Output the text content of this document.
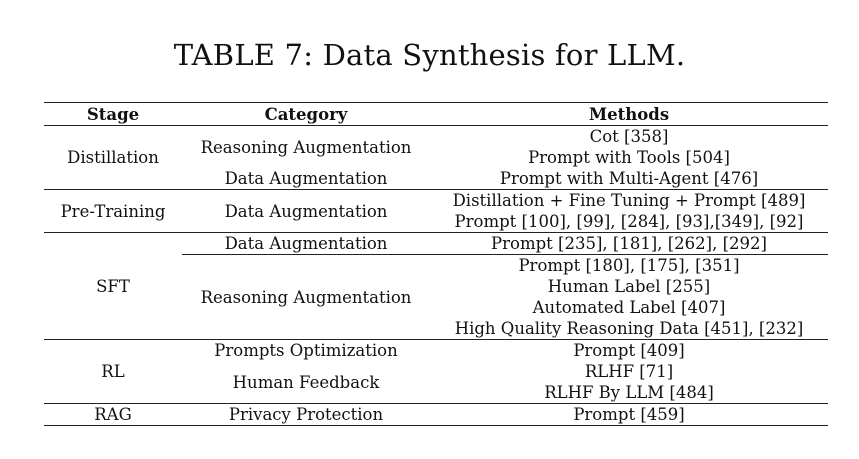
TABLE 7: Data Synthesis for LLM.
Stage	Category	Methods
Distillation	Reasoning Augmentation	Cot [358]
		Prompt with Tools [504]
	Data Augmentation	Prompt with Multi-Agent [476]
Pre-Training	Data Augmentation	Distillation + Fine Tuning + Prompt [489]
		Prompt [100], [99], [284], [93],[349], [92]
SFT	Data Augmentation	Prompt [235], [181], [262], [292]
	Reasoning Augmentation	Prompt [180], [175], [351]
		Human Label [255]
		Automated Label [407]
		High Quality Reasoning Data [451], [232]
RL	Prompts Optimization	Prompt [409]
	Human Feedback	RLHF [71]
		RLHF By LLM [484]
RAG	Privacy Protection	Prompt [459]
